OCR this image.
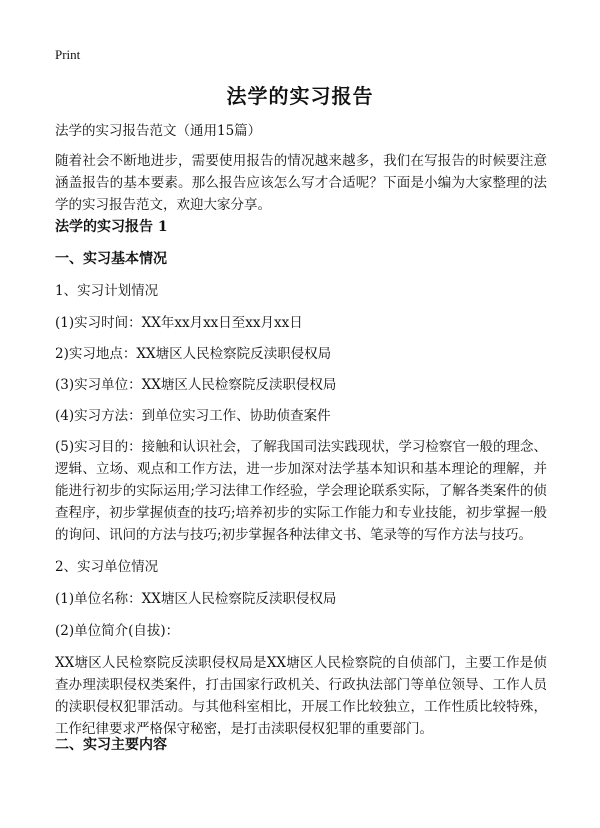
Print
法学的实习报告

法学的实习报告范文（通用15篇）

随着社会不断地进步，需要使用报告的情况越来越多，我们在写报告的时候要注意涵盖报告的基本要素。那么报告应该怎么写才合适呢？下面是小编为大家整理的法学的实习报告范文，欢迎大家分享。

法学的实习报告 1

一、实习基本情况

1、实习计划情况

(1)实习时间：XX年xx月xx日至xx月xx日

2)实习地点：XX塘区人民检察院反渎职侵权局

(3)实习单位：XX塘区人民检察院反渎职侵权局

(4)实习方法：到单位实习工作、协助侦查案件

(5)实习目的：接触和认识社会，了解我国司法实践现状，学习检察官一般的理念、逻辑、立场、观点和工作方法，进一步加深对法学基本知识和基本理论的理解，并能进行初步的实际运用;学习法律工作经验，学会理论联系实际，了解各类案件的侦查程序，初步掌握侦查的技巧;培养初步的实际工作能力和专业技能，初步掌握一般的询问、讯问的方法与技巧;初步掌握各种法律文书、笔录等的写作方法与技巧。

2、实习单位情况

(1)单位名称：XX塘区人民检察院反渎职侵权局

(2)单位简介(自拔)：

XX塘区人民检察院反渎职侵权局是XX塘区人民检察院的自侦部门，主要工作是侦查办理渎职侵权类案件，打击国家行政机关、行政执法部门等单位领导、工作人员的渎职侵权犯罪活动。与其他科室相比，开展工作比较独立，工作性质比较特殊，工作纪律要求严格保守秘密，是打击渎职侵权犯罪的重要部门。

二、实习主要内容
